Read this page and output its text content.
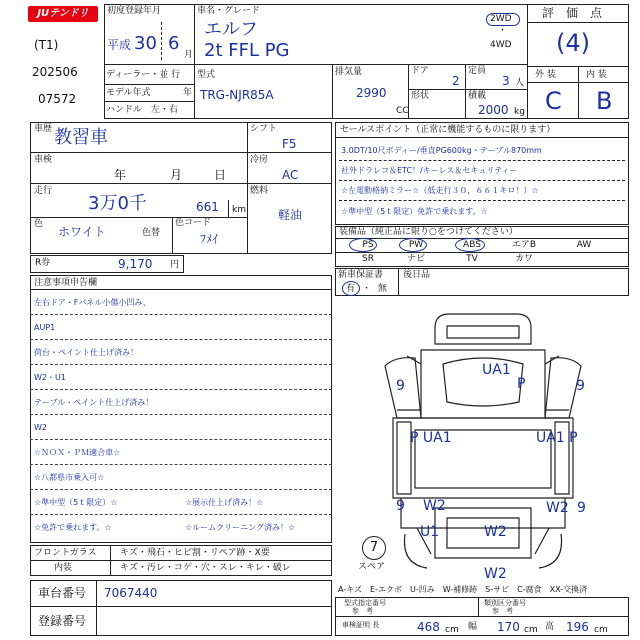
JUテンドリ	初度登録年月
平成 30 6
月
(T1)
202506
07572
ディーラー・並 行
モデル年式	年
ハンドル　左・右
車名・グレード
エルフ
2t FFL PG
2WD
・
4WD
型式
TRG-NJR85A
排気量
2990
CC
ドア
2
定員
3 人
形状	積載
2000 kg
評　価　点
(4)
外 装	内 装
C B
車歴 教習車
車検
年	月	日
走行
3万0千	661 km
色
ホワイト	色替
色コード
ﾌﾒｲ
シフト
F5
冷房
AC
燃料
軽油
R券	9,170 円
セールスポイント（正常に機能するものに限ります）
3.0DT/10尺ボディー/垂直PG600kg・テーブル870mm
社外ドラレコ＆ETC！/キーレス＆セキュリティー
☆左電動格納ミラー☆（低走行３０，６６１キロ！）☆
☆準中型（5ｔ限定）免許で乗れます。☆
装備品（純正品に限り○をつけてください）
PS	PW	ABS	エアB	AW
SR	ナビ	TV	カワ
新車保証書 後日品
有 ・ 無
注意事項申告欄
左右ドア・Fパネル小傷小凹み、
AUP1
荷台・ペイント仕上げ済み！
W2・U1
テーブル・ペイント仕上げ済み！
W2
☆ＮＯＸ・ＰＭ適合車☆
☆八都県市乗入可☆
☆準中型（5ｔ限定）☆
☆免許で乗れます。☆
☆展示仕上げ済み！☆
☆ルームクリーニング済み！☆
フロントガラス	キズ・飛石・ヒビ割・リペア跡・X要
内装	キズ・汚レ・コゲ・穴・スレ・キレ・破レ
車台番号 7067440
登録番号
UA1
P
9	9
P UA1	UA1 P
9 W2	W2 9
U1	W2
W2
7
スペア
A-キズ　E-エクボ　U-凹み　W-補修跡　S-サビ　C-腐食　XX-交換済
型式指定番号
参　考
類別区分番号
参　考
車検証明 長	468 cm 幅 170 cm 高 196 cm
